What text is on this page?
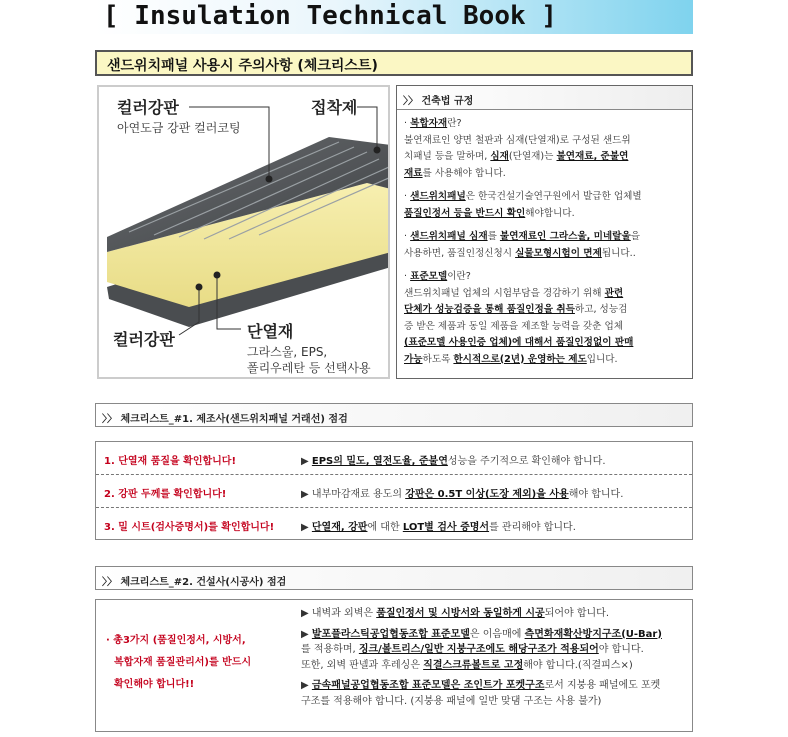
[ Insulation Technical Book ]
샌드위치패널 사용시 주의사항 (체크리스트)
컬러강판
아연도금 강판 컬러코팅
접착제
컬러강판	단열재
그라스울, EPS,
폴리우레탄 등 선택사용
〉〉 건축법 규정
· 복합자재란?
불연재료인 양면 철판과 심재(단열재)로 구성된 샌드위
치패널 등을 말하며, 심재(단열재)는 불연재료, 준불연
재료를 사용해야 합니다.
· 샌드위치패널은 한국건설기술연구원에서 발급한 업체별
품질인정서 등을 반드시 확인해야합니다.
· 샌드위치패널 심재를 불연재료인 그라스울, 미네랄울을
사용하면, 품질인정신청시 실물모형시험이 면제됩니다..
· 표준모델이란?
샌드위치패널 업체의 시험부담을 경감하기 위해 관련
단체가 성능검증을 통해 품질인정을 취득하고, 성능검
증 받은 제품과 동일 제품을 제조할 능력을 갖춘 업체
(표준모델 사용인증 업체)에 대해서 품질인정없이 판매
가능하도록 한시적으로(2년) 운영하는 제도입니다.
〉〉 체크리스트_#1. 제조사(샌드위치패널 거래선) 점검
1. 단열재 품질을 확인합니다!	▶ EPS의 밀도, 열전도율, 준불연성능을 주기적으로 확인해야 합니다.
2. 강판 두께를 확인합니다!	▶ 내부마감재료 용도의 강판은 0.5T 이상(도장 제외)을 사용해야 합니다.
3. 밀 시트(검사증명서)를 확인합니다!	▶ 단열재, 강판에 대한 LOT별 검사 증명서를 관리해야 합니다.
〉〉 체크리스트_#2. 건설사(시공사) 점검
· 총3가지 (품질인정서, 시방서,
복합자재 품질관리서)를 반드시
확인해야 합니다!!
▶ 내벽과 외벽은 품질인정서 및 시방서와 동일하게 시공되어야 합니다.
▶ 발포플라스틱공업협동조합 표준모델은 이음매에 측면화재확산방지구조(U-Bar)
를 적용하며, 징크/볼트리스/일반 지붕구조에도 해당구조가 적용되어야 합니다.
또한, 외벽 판넬과 후레싱은 직결스크류볼트로 고정해야 합니다.(직결피스×)
▶ 금속패널공업협동조합 표준모델은 조인트가 포켓구조로서 지붕용 패널에도 포켓
구조를 적용해야 합니다. (지붕용 패널에 일반 맞댐 구조는 사용 불가)
